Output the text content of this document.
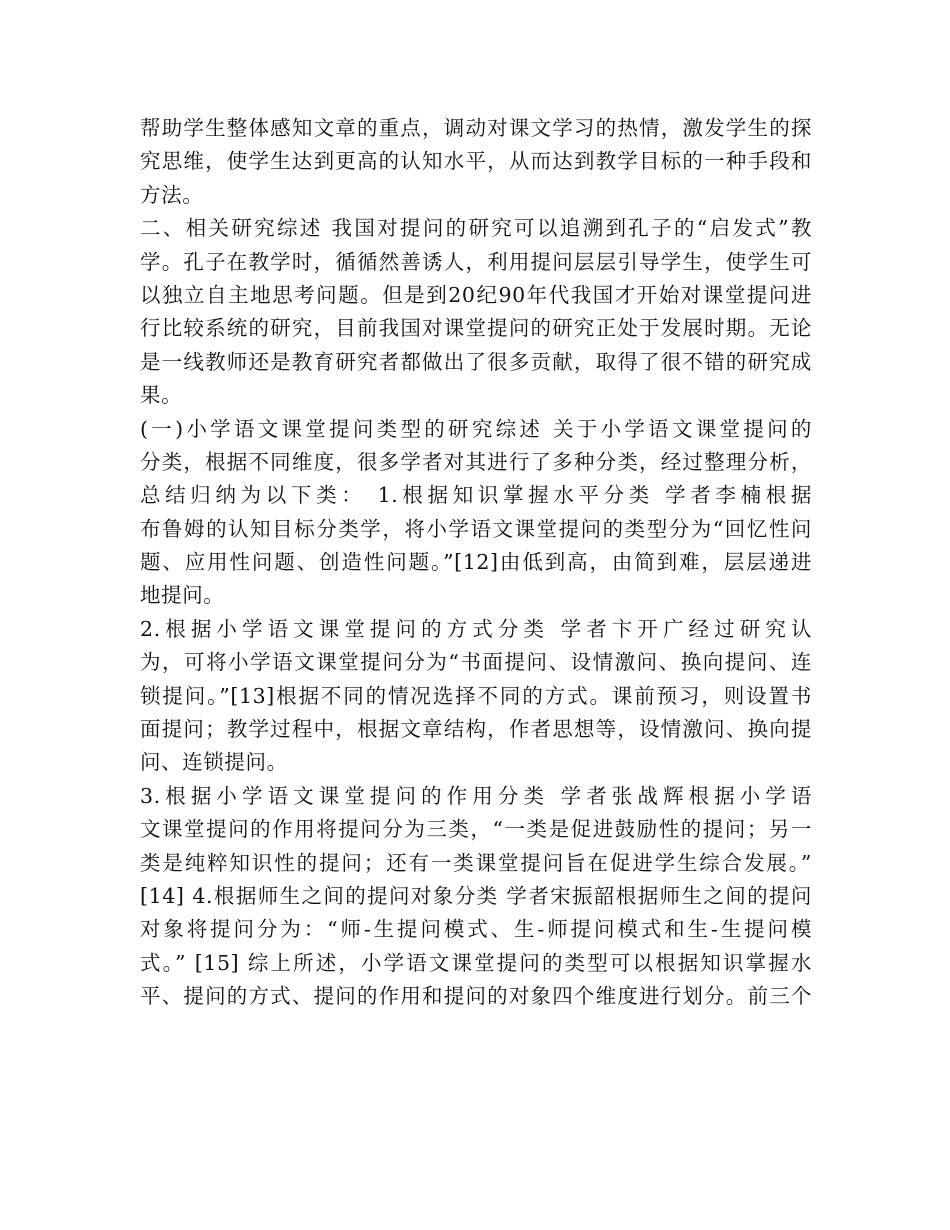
帮助学生整体感知文章的重点，调动对课文学习的热情，激发学生的探
究思维，使学生达到更高的认知水平，从而达到教学目标的一种手段和
方法。
二、相关研究综述 我国对提问的研究可以追溯到孔子的“启发式”教
学。孔子在教学时，循循然善诱人，利用提问层层引导学生，使学生可
以独立自主地思考问题。但是到20纪90年代我国才开始对课堂提问进
行比较系统的研究，目前我国对课堂提问的研究正处于发展时期。无论
是一线教师还是教育研究者都做出了很多贡献，取得了很不错的研究成
果。
(一)小学语文课堂提问类型的研究综述 关于小学语文课堂提问的
分类，根据不同维度，很多学者对其进行了多种分类，经过整理分析，
总结归纳为以下类： 1.根据知识掌握水平分类 学者李楠根据
布鲁姆的认知目标分类学，将小学语文课堂提问的类型分为“回忆性问
题、应用性问题、创造性问题。”[12]由低到高，由简到难，层层递进
地提问。
2.根据小学语文课堂提问的方式分类 学者卞开广经过研究认
为，可将小学语文课堂提问分为“书面提问、设情激问、换向提问、连
锁提问。”[13]根据不同的情况选择不同的方式。课前预习，则设置书
面提问；教学过程中，根据文章结构，作者思想等，设情激问、换向提
问、连锁提问。
3.根据小学语文课堂提问的作用分类 学者张战辉根据小学语
文课堂提问的作用将提问分为三类，“一类是促进鼓励性的提问；另一
类是纯粹知识性的提问；还有一类课堂提问旨在促进学生综合发展。”
[14] 4.根据师生之间的提问对象分类 学者宋振韶根据师生之间的提问
对象将提问分为：“师-生提问模式、生-师提问模式和生-生提问模
式。” [15] 综上所述，小学语文课堂提问的类型可以根据知识掌握水
平、提问的方式、提问的作用和提问的对象四个维度进行划分。前三个
